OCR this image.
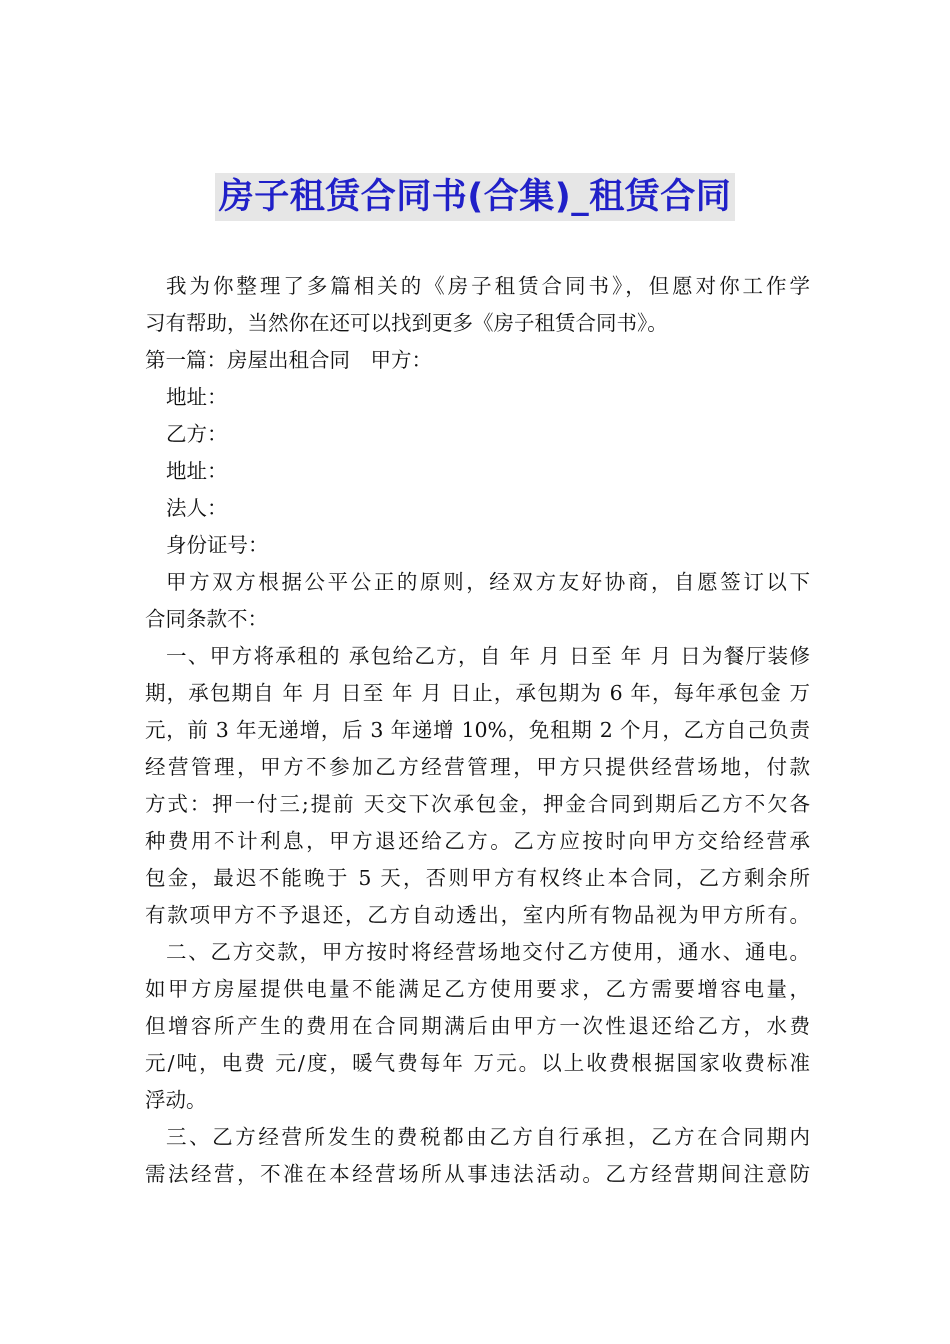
房子租赁合同书(合集)_租赁合同
我为你整理了多篇相关的《房子租赁合同书》，但愿对你工作学
习有帮助，当然你在还可以找到更多《房子租赁合同书》。
第一篇：房屋出租合同　甲方：
地址：
乙方：
地址：
法人：
身份证号：
甲方双方根据公平公正的原则，经双方友好协商，自愿签订以下
合同条款不：
一、甲方将承租的 承包给乙方，自 年 月 日至 年 月 日为餐厅装修
期，承包期自 年 月 日至 年 月 日止，承包期为 6 年，每年承包金 万
元，前 3 年无递增，后 3 年递增 10%，免租期 2 个月，乙方自己负责
经营管理，甲方不参加乙方经营管理，甲方只提供经营场地，付款
方式：押一付三;提前 天交下次承包金，押金合同到期后乙方不欠各
种费用不计利息，甲方退还给乙方。乙方应按时向甲方交给经营承
包金，最迟不能晚于 5 天，否则甲方有权终止本合同，乙方剩余所
有款项甲方不予退还，乙方自动透出，室内所有物品视为甲方所有。
二、乙方交款，甲方按时将经营场地交付乙方使用，通水、通电。
如甲方房屋提供电量不能满足乙方使用要求，乙方需要增容电量，
但增容所产生的费用在合同期满后由甲方一次性退还给乙方，水费
元/吨，电费 元/度，暖气费每年 万元。以上收费根据国家收费标准
浮动。
三、乙方经营所发生的费税都由乙方自行承担，乙方在合同期内
需法经营，不准在本经营场所从事违法活动。乙方经营期间注意防
